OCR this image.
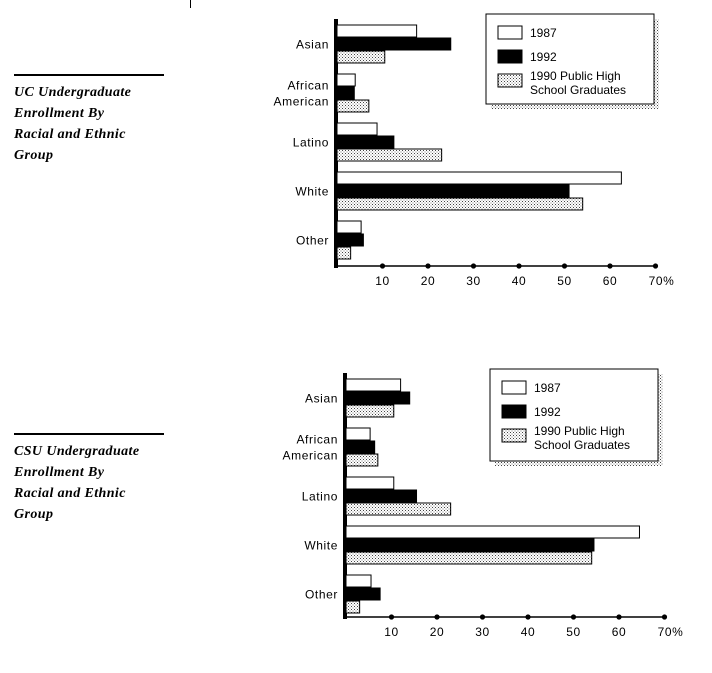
UC Undergraduate
Enrollment By
Racial and Ethnic
Group
CSU Undergraduate
Enrollment By
Racial and Ethnic
Group
Asian
African
American
Latino
White
Other
10	20	30	40	50	60	70%
1987
1992
1990 Public High
School Graduates
Asian
African
American
Latino
White
Other
10	20	30	40	50	60	70%
1987
1992
1990 Public High
School Graduates
